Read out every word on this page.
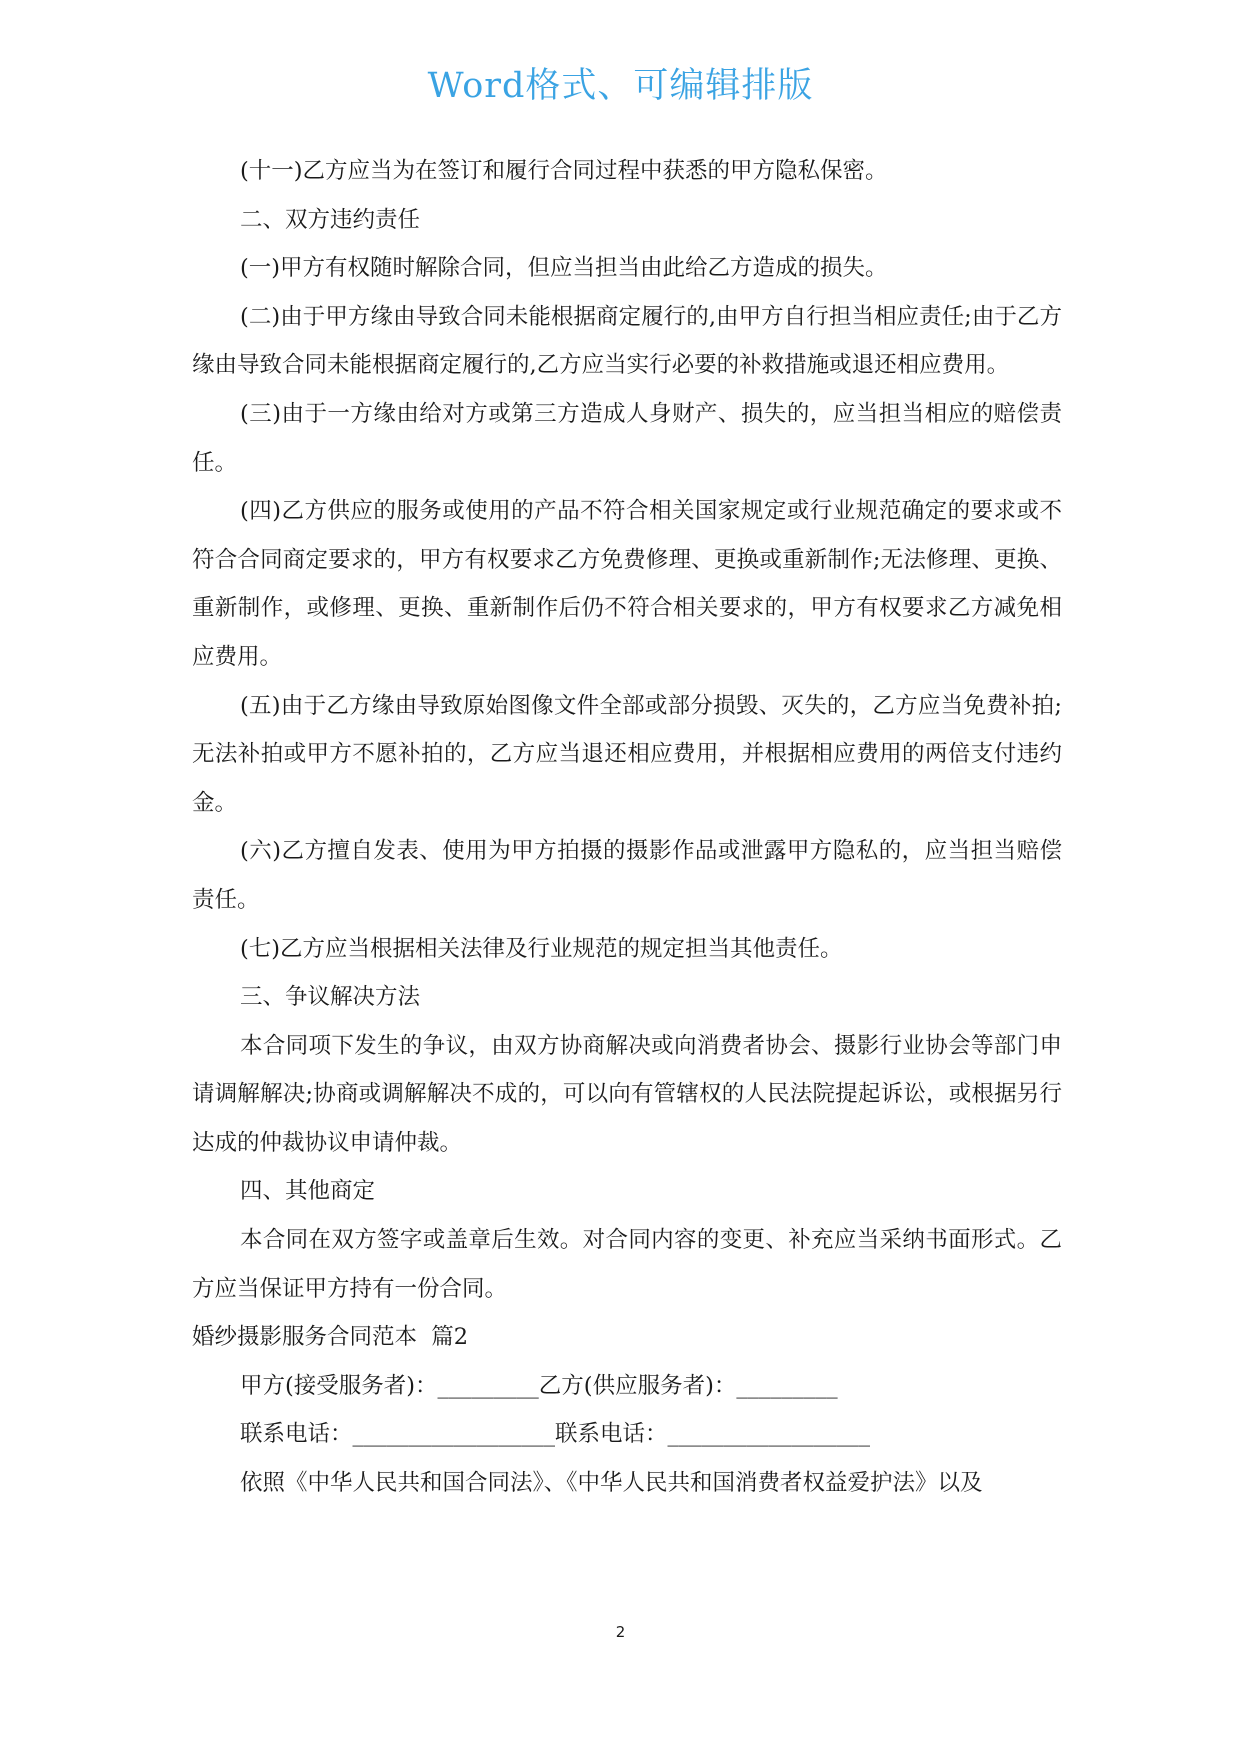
Word格式、可编辑排版

(十一)乙方应当为在签订和履行合同过程中获悉的甲方隐私保密。

二、双方违约责任

(一)甲方有权随时解除合同，但应当担当由此给乙方造成的损失。

(二)由于甲方缘由导致合同未能根据商定履行的,由甲方自行担当相应责任;由于乙方缘由导致合同未能根据商定履行的,乙方应当实行必要的补救措施或退还相应费用。

(三)由于一方缘由给对方或第三方造成人身财产、损失的，应当担当相应的赔偿责任。

(四)乙方供应的服务或使用的产品不符合相关国家规定或行业规范确定的要求或不符合合同商定要求的，甲方有权要求乙方免费修理、更换或重新制作;无法修理、更换、重新制作，或修理、更换、重新制作后仍不符合相关要求的，甲方有权要求乙方减免相应费用。

(五)由于乙方缘由导致原始图像文件全部或部分损毁、灭失的，乙方应当免费补拍;无法补拍或甲方不愿补拍的，乙方应当退还相应费用，并根据相应费用的两倍支付违约金。

(六)乙方擅自发表、使用为甲方拍摄的摄影作品或泄露甲方隐私的，应当担当赔偿责任。

(七)乙方应当根据相关法律及行业规范的规定担当其他责任。

三、争议解决方法

本合同项下发生的争议，由双方协商解决或向消费者协会、摄影行业协会等部门申请调解解决;协商或调解解决不成的，可以向有管辖权的人民法院提起诉讼，或根据另行达成的仲裁协议申请仲裁。

四、其他商定

本合同在双方签字或盖章后生效。对合同内容的变更、补充应当采纳书面形式。乙方应当保证甲方持有一份合同。

婚纱摄影服务合同范本  篇2

甲方(接受服务者)：_________乙方(供应服务者)：_________

联系电话：__________________联系电话：__________________

依照《中华人民共和国合同法》、《中华人民共和国消费者权益爱护法》以及

2
